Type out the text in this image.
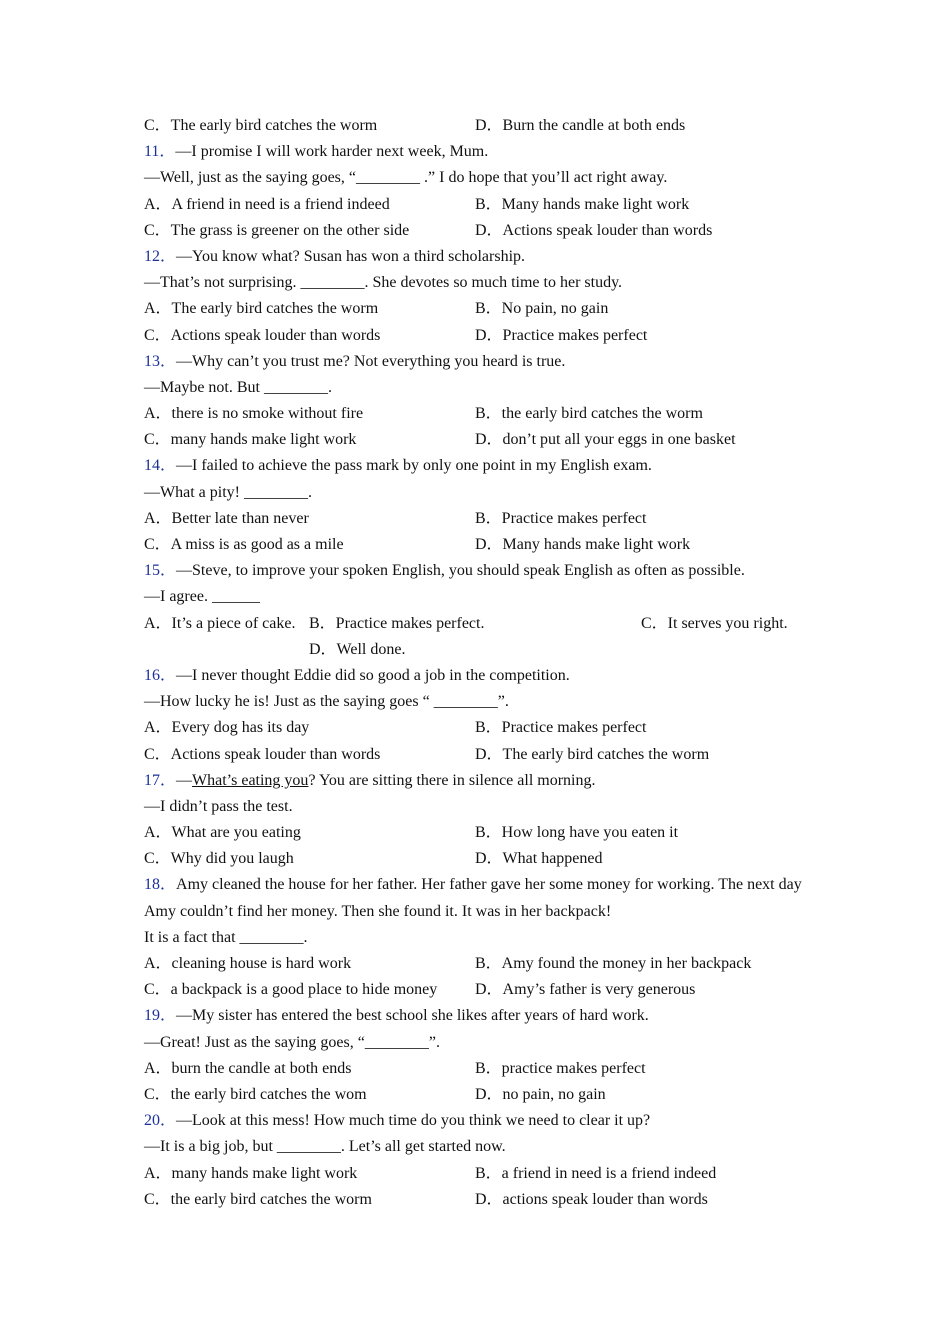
C．The early bird catches the worm	D．Burn the candle at both ends
11．—I promise I will work harder next week, Mum.
—Well, just as the saying goes, “________ .” I do hope that you’ll act right away.
A．A friend in need is a friend indeed	B．Many hands make light work
C．The grass is greener on the other side	D．Actions speak louder than words
12．—You know what? Susan has won a third scholarship.
—That’s not surprising. ________. She devotes so much time to her study.
A．The early bird catches the worm	B．No pain, no gain
C．Actions speak louder than words	D．Practice makes perfect
13．—Why can’t you trust me? Not everything you heard is true.
—Maybe not. But ________.
A．there is no smoke without fire	B．the early bird catches the worm
C．many hands make light work	D．don’t put all your eggs in one basket
14．—I failed to achieve the pass mark by only one point in my English exam.
—What a pity! ________.
A．Better late than never	B．Practice makes perfect
C．A miss is as good as a mile	D．Many hands make light work
15．—Steve, to improve your spoken English, you should speak English as often as possible.
—I agree. ______
A．It’s a piece of cake. B．Practice makes perfect.	C．It serves you right.
D．Well done.
16．—I never thought Eddie did so good a job in the competition.
—How lucky he is! Just as the saying goes “ ________”.
A．Every dog has its day	B．Practice makes perfect
C．Actions speak louder than words	D．The early bird catches the worm
17．—What’s eating you? You are sitting there in silence all morning.
—I didn’t pass the test.
A．What are you eating	B．How long have you eaten it
C．Why did you laugh	D．What happened
18．Amy cleaned the house for her father. Her father gave her some money for working. The next day Amy couldn’t find her money. Then she found it. It was in her backpack!
It is a fact that ________.
A．cleaning house is hard work	B．Amy found the money in her backpack
C．a backpack is a good place to hide money D．Amy’s father is very generous
19．—My sister has entered the best school she likes after years of hard work.
—Great! Just as the saying goes, “________”.
A．burn the candle at both ends	B．practice makes perfect
C．the early bird catches the wom	D．no pain, no gain
20．—Look at this mess! How much time do you think we need to clear it up?
—It is a big job, but ________. Let’s all get started now.
A．many hands make light work	B．a friend in need is a friend indeed
C．the early bird catches the worm	D．actions speak louder than words
